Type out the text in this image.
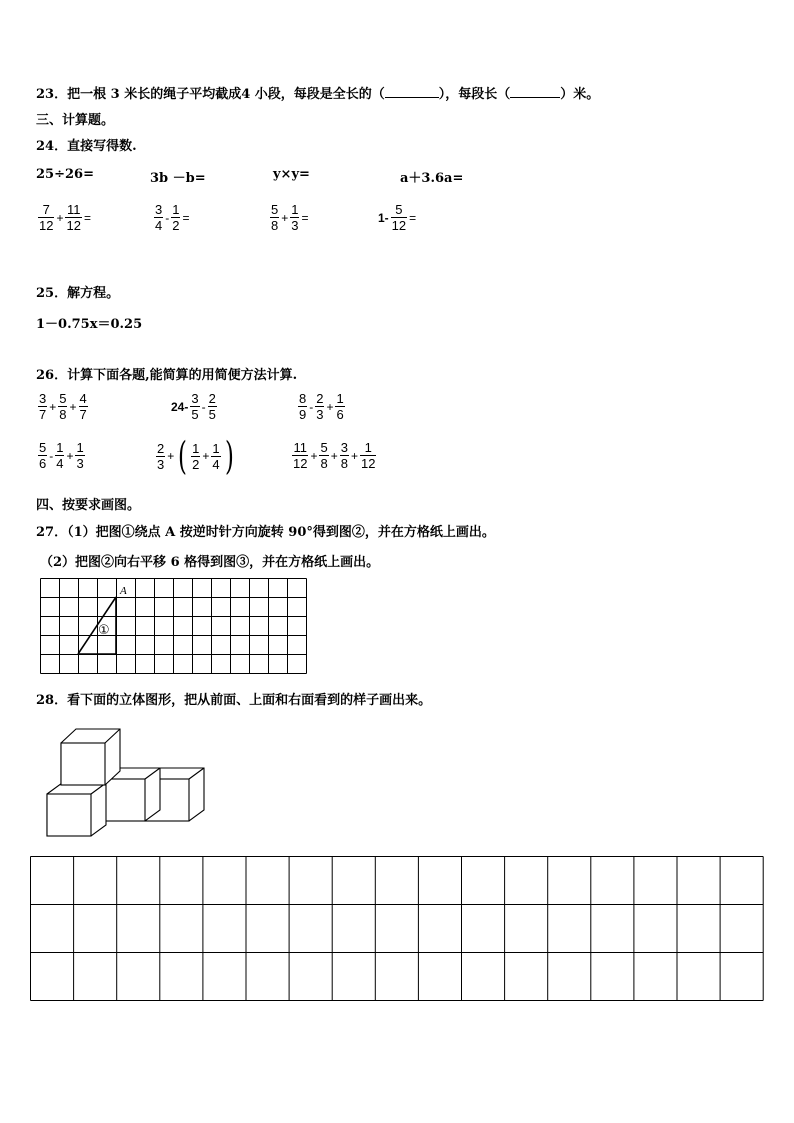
23．把一根 3 米长的绳子平均截成4 小段，每段是全长的（	），每段长（	）米。
三、计算题。
24．直接写得数.
25÷26=	3b －b=	y×y=	a＋3.6a=
$\frac{7}{12} + \frac{11}{12}$ =	$\frac{3}{4} - \frac{1}{2}$ =	$\frac{5}{8} + \frac{1}{3}$ =	$1- \frac{5}{12}$ =
25．解方程。
1－0.75x＝0.25
26．计算下面各题,能简算的用简便方法计算.
$\frac{3}{7} + \frac{5}{8} + \frac{4}{7}$	$24- \frac{3}{5} - \frac{2}{5}$	$\frac{8}{9} - \frac{2}{3} + \frac{1}{6}$
$\frac{5}{6} - \frac{1}{4} + \frac{1}{3}$	$\frac{2}{3}$ + ( $\frac{1}{2} + \frac{1}{4}$ )	$\frac{11}{12} + \frac{5}{8} + \frac{3}{8} + \frac{1}{12}$
四、按要求画图。
27．（1）把图①绕点 A 按逆时针方向旋转 90°得到图②，并在方格纸上画出。
（2）把图②向右平移 6 格得到图③，并在方格纸上画出。
A
①
28．看下面的立体图形，把从前面、上面和右面看到的样子画出来。
